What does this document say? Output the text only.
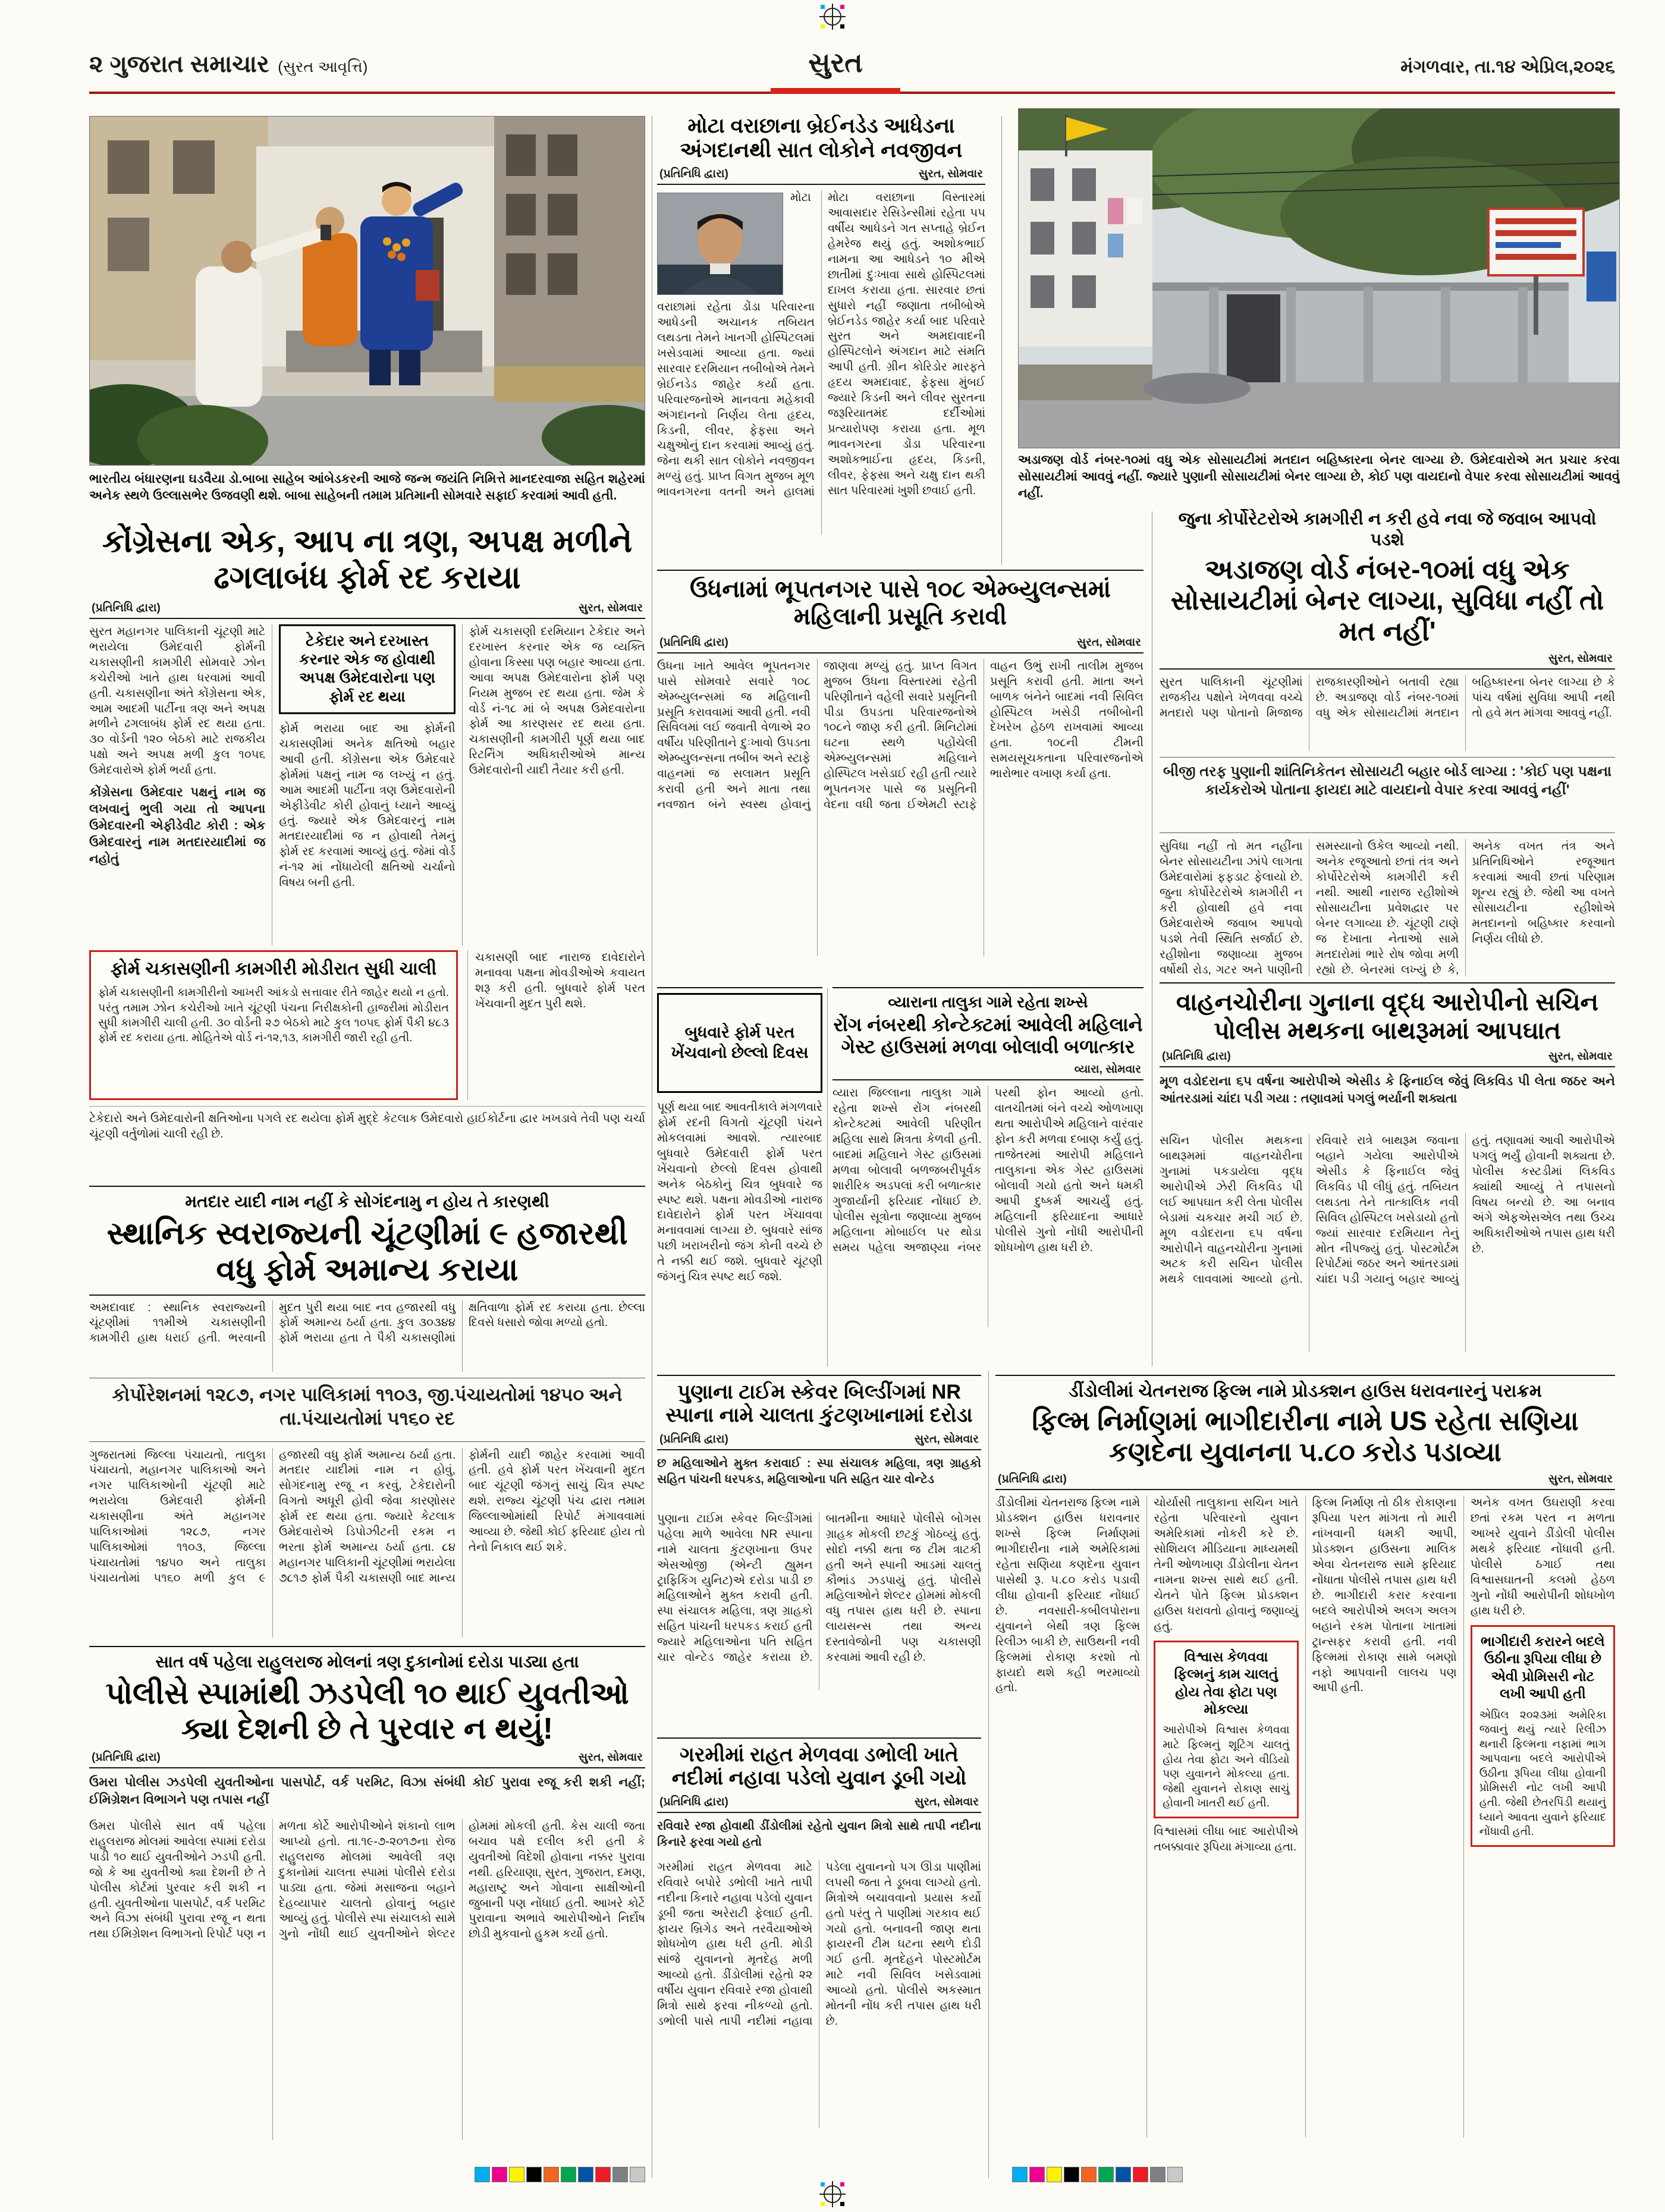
૨ ગુજરાત સમાચાર (સુરત આવૃત્તિ)	સુરત	મંગળવાર, તા.૧૪ એપ્રિલ,૨૦૨૬
ભારતીય બંધારણના ઘડવૈયા ડો.બાબા સાહેબ આંબેડકરની આજે જન્મ જયંતિ નિમિત્તે માનદરવાજા સહિત શહેરમાં અનેક સ્થળે ઉલ્લાસભેર ઉજવણી થશે. બાબા સાહેબની તમામ પ્રતિમાની સોમવારે સફાઈ કરવામાં આવી હતી.
અડાજણ વોર્ડ નંબર-૧૦માં વધુ એક સોસાયટીમાં મતદાન બહિષ્કારના બેનર લાગ્યા છે. ઉમેદવારોએ મત પ્રચાર કરવા સોસાયટીમાં આવવું નહીં. જ્યારે પુણાની સોસાયટીમાં બેનર લાગ્યા છે, કોઈ પણ વાયદાનો વેપાર કરવા સોસાયટીમાં આવવું નહીં.
મોટા વરાછાના બ્રેઈનડેડ આધેડના અંગદાનથી સાત લોકોને નવજીવન
(પ્રતિનિધિ દ્વારા)	સુરત, સોમવાર
મોટા વરાછામાં રહેતા ડોંડા પરિવારના આધેડની અચાનક તબિયત લથડતા તેમને ખાનગી હોસ્પિટલમાં ખસેડવામાં આવ્યા હતા. જ્યાં સારવાર દરમિયાન તબીબોએ તેમને બ્રેઈનડેડ જાહેર કર્યા હતા. પરિવારજનોએ માનવતા મહેકાવી અંગદાનનો નિર્ણય લેતા હૃદય, કિડની, લીવર, ફેફસા અને ચક્ષુઓનું દાન કરવામાં આવ્યું હતું. જેના થકી સાત લોકોને નવજીવન મળ્યું હતું. પ્રાપ્ત વિગત મુજબ મૂળ ભાવનગરના વતની અને હાલમાં મોટા વરાછાના વિસ્તારમાં આવાસદાર રેસિડેન્સીમાં રહેતા ૫૫ વર્ષીય આધેડને ગત સપ્તાહે બ્રેઈન હેમરેજ થયું હતું. અશોકભાઈ નામના આ આધેડને ૧૦ મીએ છાતીમાં દુઃખાવા સાથે હોસ્પિટલમાં દાખલ કરાયા હતા. સારવાર છતાં સુધારો નહીં જણાતા તબીબોએ બ્રેઈનડેડ જાહેર કર્યા બાદ પરિવારે સુરત અને અમદાવાદની હોસ્પિટલોને અંગદાન માટે સંમતિ આપી હતી. ગ્રીન કોરિડોર મારફતે હૃદય અમદાવાદ, ફેફસા મુંબઈ જ્યારે કિડની અને લીવર સુરતના જરૂરિયાતમંદ દર્દીઓમાં પ્રત્યારોપણ કરાયા હતા. મૂળ ભાવનગરના ડોંડા પરિવારના અશોકભાઈના હૃદય, કિડની, લીવર, ફેફસા અને ચક્ષુ દાન થકી સાત પરિવારમાં ખુશી છવાઈ હતી.
જુના કોર્પોરેટરોએ કામગીરી ન કરી હવે નવા જે જવાબ આપવો પડશે
અડાજણ વોર્ડ નંબર-૧૦માં વધુ એક સોસાયટીમાં બેનર લાગ્યા, સુવિધા નહીં તો મત નહીં'
સુરત, સોમવાર
સુરત પાલિકાની ચૂંટણીમાં રાજકીય પક્ષોને ખેળવવા વચ્ચે મતદારો પણ પોતાનો મિજાજ રાજકારણીઓને બતાવી રહ્યા છે. અડાજણ વોર્ડ નંબર-૧૦માં વધુ એક સોસાયટીમાં મતદાન બહિષ્કારના બેનર લાગ્યા છે કે પાંચ વર્ષમાં સુવિધા આપી નથી તો હવે મત માંગવા આવવું નહીં.
બીજી તરફ પુણાની શાંતિનિકેતન સોસાયટી બહાર બોર્ડ લાગ્યા : 'કોઈ પણ પક્ષના કાર્યકરોએ પોતાના ફાયદા માટે વાયદાનો વેપાર કરવા આવવું નહીં'
સુવિધા નહીં તો મત નહીંના બેનર સોસાયટીના ઝાંપે લાગતા ઉમેદવારોમાં ફફડાટ ફેલાયો છે. જુના કોર્પોરેટરોએ કામગીરી ન કરી હોવાથી હવે નવા ઉમેદવારોએ જવાબ આપવો પડશે તેવી સ્થિતિ સર્જાઈ છે. રહીશોના જણાવ્યા મુજબ વર્ષોથી રોડ, ગટર અને પાણીની સમસ્યાનો ઉકેલ આવ્યો નથી. અનેક રજૂઆતો છતાં તંત્ર અને કોર્પોરેટરોએ કામગીરી કરી નથી. આથી નારાજ રહીશોએ સોસાયટીના પ્રવેશદ્વાર પર બેનર લગાવ્યા છે. ચૂંટણી ટાણે જ દેખાતા નેતાઓ સામે મતદારોમાં ભારે રોષ જોવા મળી રહ્યો છે. બેનરમાં લખ્યું છે કે, અનેક વખત તંત્ર અને પ્રતિનિધિઓને રજૂઆત કરવામાં આવી છતાં પરિણામ શૂન્ય રહ્યું છે. જેથી આ વખતે સોસાયટીના રહીશોએ મતદાનનો બહિષ્કાર કરવાનો નિર્ણય લીધો છે.
કોંગ્રેસના એક, આપ ના ત્રણ, અપક્ષ મળીને ઢગલાબંધ ફોર્મ રદ કરાયા
(પ્રતિનિધિ દ્વારા)	સુરત, સોમવાર

સુરત મહાનગર પાલિકાની ચૂંટણી માટે ભરાયેલા ઉમેદવારી ફોર્મની ચકાસણીની કામગીરી સોમવારે ઝોન કચેરીઓ ખાતે હાથ ધરવામાં આવી હતી. ચકાસણીના અંતે કોંગ્રેસના એક, આમ આદમી પાર્ટીના ત્રણ અને અપક્ષ મળીને ઢગલાબંધ ફોર્મ રદ થયા હતા. ૩૦ વોર્ડની ૧૨૦ બેઠકો માટે રાજકીય પક્ષો અને અપક્ષ મળી કુલ ૧૦૫૬ ઉમેદવારોએ ફોર્મ ભર્યા હતા.

કોંગ્રેસના ઉમેદવાર પક્ષનું નામ જ લખવાનું ભુલી ગયા તો આપના ઉમેદવારની એફીડેવીટ કોરી : એક ઉમેદવારનું નામ મતદારયાદીમાં જ નહોતું

ટેકેદાર અને દરખાસ્ત કરનાર એક જ હોવાથી અપક્ષ ઉમેદવારોના પણ ફોર્મ રદ થયા

ફોર્મ ભરાયા બાદ આ ફોર્મની ચકાસણીમાં અનેક ક્ષતિઓ બહાર આવી હતી. કોંગ્રેસના એક ઉમેદવારે ફોર્મમાં પક્ષનું નામ જ લખ્યું ન હતું. આમ આદમી પાર્ટીના ત્રણ ઉમેદવારોની એફીડેવીટ કોરી હોવાનું ધ્યાને આવ્યું હતું. જ્યારે એક ઉમેદવારનું નામ મતદારયાદીમાં જ ન હોવાથી તેમનું ફોર્મ રદ કરવામાં આવ્યું હતું. જેમાં વોર્ડ નં-૧૨ માં નોંધાયેલી ક્ષતિઓ ચર્ચાનો વિષય બની હતી.

ફોર્મ ચકાસણી દરમિયાન ટેકેદાર અને દરખાસ્ત કરનાર એક જ વ્યક્તિ હોવાના કિસ્સા પણ બહાર આવ્યા હતા. આવા અપક્ષ ઉમેદવારોના ફોર્મ પણ નિયમ મુજબ રદ થયા હતા. જેમ કે વોર્ડ નં-૧૮ માં બે અપક્ષ ઉમેદવારોના ફોર્મ આ કારણસર રદ થયા હતા. ચકાસણીની કામગીરી પૂર્ણ થયા બાદ રિટર્નિંગ અધિકારીઓએ માન્ય ઉમેદવારોની યાદી તૈયાર કરી હતી.

ફોર્મ ચકાસણીની કામગીરી મોડીરાત સુધી ચાલી
ફોર્મ ચકાસણીની કામગીરીનો આખરી આંકડો સત્તાવાર રીતે જાહેર થયો ન હતો. પરંતુ તમામ ઝોન કચેરીઓ ખાતે ચૂંટણી પંચના નિરીક્ષકોની હાજરીમાં મોડીરાત સુધી કામગીરી ચાલી હતી. ૩૦ વોર્ડની ૨૭ બેઠકો માટે કુલ ૧૦૫૬ ફોર્મ પૈકી ૪૮૩ ફોર્મ રદ કરાયા હતા. મોહિતેએ વોર્ડ નં-૧૨,૧૩, કામગીરી જારી રહી હતી.
ચકાસણી બાદ નારાજ દાવેદારોને મનાવવા પક્ષના મોવડીઓએ કવાયત શરૂ કરી હતી. બુધવારે ફોર્મ પરત ખેંચવાની મુદત પુરી થશે.
ટેકેદારો અને ઉમેદવારોની ક્ષતિઓના પગલે રદ થયેલા ફોર્મ મુદ્દે કેટલાક ઉમેદવારો હાઈકોર્ટના દ્વાર ખખડાવે તેવી પણ ચર્ચા ચૂંટણી વર્તુળોમાં ચાલી રહી છે.
ઉધનામાં ભૂપતનગર પાસે ૧૦૮ એમ્બ્યુલન્સમાં મહિલાની પ્રસૂતિ કરાવી
(પ્રતિનિધિ દ્વારા)	સુરત, સોમવાર
ઉધના ખાતે આવેલ ભૂપતનગર પાસે સોમવારે સવારે ૧૦૮ એમ્બ્યુલન્સમાં જ મહિલાની પ્રસૂતિ કરાવવામાં આવી હતી. નવી સિવિલમાં લઈ જવાતી વેળાએ ૨૦ વર્ષીય પરિણીતાને દુઃખાવો ઉપડતા એમ્બ્યુલન્સના તબીબ અને સ્ટાફે વાહનમાં જ સલામત પ્રસૂતિ કરાવી હતી અને માતા તથા નવજાત બંને સ્વસ્થ હોવાનું જાણવા મળ્યું હતું. પ્રાપ્ત વિગત મુજબ ઉધના વિસ્તારમાં રહેતી પરિણીતાને વહેલી સવારે પ્રસૂતિની પીડા ઉપડતા પરિવારજનોએ ૧૦૮ને જાણ કરી હતી. મિનિટોમાં ઘટના સ્થળે પહોંચેલી એમ્બ્યુલન્સમાં મહિલાને હોસ્પિટલ ખસેડાઈ રહી હતી ત્યારે ભૂપતનગર પાસે જ પ્રસૂતિની વેદના વધી જતા ઈએમટી સ્ટાફે વાહન ઉભું રાખી તાલીમ મુજબ પ્રસૂતિ કરાવી હતી. માતા અને બાળક બંનેને બાદમાં નવી સિવિલ હોસ્પિટલ ખસેડી તબીબોની દેખરેખ હેઠળ રાખવામાં આવ્યા હતા. ૧૦૮ની ટીમની સમયસૂચકતાના પરિવારજનોએ ભારોભાર વખાણ કર્યા હતા.
બુધવારે ફોર્મ પરત ખેંચવાનો છેલ્લો દિવસ
પૂર્ણ થયા બાદ આવતીકાલે મંગળવારે ફોર્મ રદની વિગતો ચૂંટણી પંચને મોકલવામાં આવશે. ત્યારબાદ બુધવારે ઉમેદવારી ફોર્મ પરત ખેંચવાનો છેલ્લો દિવસ હોવાથી અનેક બેઠકોનું ચિત્ર બુધવારે જ સ્પષ્ટ થશે. પક્ષના મોવડીઓ નારાજ દાવેદારોને ફોર્મ પરત ખેંચાવવા મનાવવામાં લાગ્યા છે. બુધવારે સાંજ પછી ખરાખરીનો જંગ કોની વચ્ચે છે તે નક્કી થઈ જશે. બુધવારે ચૂંટણી જંગનું ચિત્ર સ્પષ્ટ થઈ જશે.
વ્યારાના તાલુકા ગામે રહેતા શખ્સે
રોંગ નંબરથી કોન્ટેક્ટમાં આવેલી મહિલાને ગેસ્ટ હાઉસમાં મળવા બોલાવી બળાત્કાર
વ્યારા, સોમવાર
વ્યારા જિલ્લાના તાલુકા ગામે રહેતા શખ્સે રોંગ નંબરથી કોન્ટેક્ટમાં આવેલી પરિણીત મહિલા સાથે મિત્રતા કેળવી હતી. બાદમાં મહિલાને ગેસ્ટ હાઉસમાં મળવા બોલાવી બળજબરીપૂર્વક શારીરિક અડપલાં કરી બળાત્કાર ગુજાર્યાની ફરિયાદ નોંધાઈ છે. પોલીસ સૂત્રોના જણાવ્યા મુજબ મહિલાના મોબાઈલ પર થોડા સમય પહેલા અજાણ્યા નંબર પરથી ફોન આવ્યો હતો. વાતચીતમાં બંને વચ્ચે ઓળખાણ થતા આરોપીએ મહિલાને વારંવાર ફોન કરી મળવા દબાણ કર્યું હતું. તાજેતરમાં આરોપી મહિલાને તાલુકાના એક ગેસ્ટ હાઉસમાં બોલાવી ગયો હતો અને ધમકી આપી દુષ્કર્મ આચર્યું હતું. મહિલાની ફરિયાદના આધારે પોલીસે ગુનો નોંધી આરોપીની શોધખોળ હાથ ધરી છે.
વાહનચોરીના ગુનાના વૃદ્ધ આરોપીનો સચિન પોલીસ મથકના બાથરૂમમાં આપઘાત
(પ્રતિનિધિ દ્વારા)	સુરત, સોમવાર
મૂળ વડોદરાના ૬૫ વર્ષના આરોપીએ એસીડ કે ફિનાઈલ જેવું લિકવિડ પી લેતા જઠર અને આંતરડામાં ચાંદા પડી ગયા : તણાવમાં પગલું ભર્યાની શક્યતા
સચિન પોલીસ મથકના બાથરૂમમાં વાહનચોરીના ગુનામાં પકડાયેલા વૃદ્ધ આરોપીએ ઝેરી લિકવિડ પી લઈ આપઘાત કરી લેતા પોલીસ બેડામાં ચકચાર મચી ગઈ છે. મૂળ વડોદરાના ૬૫ વર્ષના આરોપીને વાહનચોરીના ગુનામાં અટક કરી સચિન પોલીસ મથકે લાવવામાં આવ્યો હતો. રવિવારે રાત્રે બાથરૂમ જવાના બહાને ગયેલા આરોપીએ એસીડ કે ફિનાઈલ જેવું લિકવિડ પી લીધું હતું. તબિયત લથડતા તેને તાત્કાલિક નવી સિવિલ હોસ્પિટલ ખસેડાયો હતો જ્યાં સારવાર દરમિયાન તેનું મોત નીપજ્યું હતું. પોસ્ટમોર્ટમ રિપોર્ટમાં જઠર અને આંતરડામાં ચાંદા પડી ગયાનું બહાર આવ્યું હતું. તણાવમાં આવી આરોપીએ પગલું ભર્યું હોવાની શક્યતા છે. પોલીસ કસ્ટડીમાં લિકવિડ ક્યાંથી આવ્યું તે તપાસનો વિષય બન્યો છે. આ બનાવ અંગે એફએસએલ તથા ઉચ્ચ અધિકારીઓએ તપાસ હાથ ધરી છે.
મતદાર યાદી નામ નહીં કે સોગંદનામુ ન હોય તે કારણથી
સ્થાનિક સ્વરાજ્યની ચૂંટણીમાં ૯ હજારથી વધુ ફોર્મ અમાન્ય કરાયા
અમદાવાદ : સ્થાનિક સ્વરાજ્યની ચૂંટણીમાં ૧૧મીએ ચકાસણીની કામગીરી હાથ ધરાઈ હતી. ભરવાની મુદત પુરી થયા બાદ નવ હજારથી વધુ ફોર્મ અમાન્ય ઠર્યા હતા. કુલ ૩૦૩૪૪ ફોર્મ ભરાયા હતા તે પૈકી ચકાસણીમાં ક્ષતિવાળા ફોર્મ રદ કરાયા હતા. છેલ્લા દિવસે ધસારો જોવા મળ્યો હતો.
કોર્પોરેશનમાં ૧૨૮૭, નગર પાલિકામાં ૧૧૦૩, જી.પંચાયતોમાં ૧૪૫૦ અને તા.પંચાયતોમાં ૫૧૬૦ રદ
ગુજરાતમાં જિલ્લા પંચાયતો, તાલુકા પંચાયતો, મહાનગર પાલિકાઓ અને નગર પાલિકાઓની ચૂંટણી માટે ભરાયેલા ઉમેદવારી ફોર્મની ચકાસણીના અંતે મહાનગર પાલિકાઓમાં ૧૨૮૭, નગર પાલિકાઓમાં ૧૧૦૩, જિલ્લા પંચાયતોમાં ૧૪૫૦ અને તાલુકા પંચાયતોમાં ૫૧૬૦ મળી કુલ ૯ હજારથી વધુ ફોર્મ અમાન્ય ઠર્યા હતા. મતદાર યાદીમાં નામ ન હોવું, સોગંદનામુ રજૂ ન કરવું, ટેકેદારોની વિગતો અધૂરી હોવી જેવા કારણોસર ફોર્મ રદ થયા હતા. જ્યારે કેટલાક ઉમેદવારોએ ડિપોઝીટની રકમ ન ભરતા ફોર્મ અમાન્ય ઠર્યા હતા. ૮૪ મહાનગર પાલિકાની ચૂંટણીમાં ભરાયેલા ૭૮૧૭ ફોર્મ પૈકી ચકાસણી બાદ માન્ય ફોર્મની યાદી જાહેર કરવામાં આવી હતી. હવે ફોર્મ પરત ખેંચવાની મુદત બાદ ચૂંટણી જંગનું સાચું ચિત્ર સ્પષ્ટ થશે. રાજ્ય ચૂંટણી પંચ દ્વારા તમામ જિલ્લાઓમાંથી રિપોર્ટ મંગાવવામાં આવ્યા છે. જેથી કોઈ ફરિયાદ હોય તો તેનો નિકાલ થઈ શકે.
સાત વર્ષ પહેલા રાહુલરાજ મોલનાં ત્રણ દુકાનોમાં દરોડા પાડ્યા હતા
પોલીસે સ્પામાંથી ઝડપેલી ૧૦ થાઈ યુવતીઓ ક્યા દેશની છે તે પુરવાર ન થયું!
(પ્રતિનિધિ દ્વારા)	સુરત, સોમવાર
ઉમરા પોલીસ ઝડપેલી યુવતીઓના પાસપોર્ટ, વર્ક પરમિટ, વિઝા સંબંધી કોઈ પુરાવા રજૂ કરી શકી નહીં; ઈમિગ્રેશન વિભાગને પણ તપાસ નહીં
ઉમરા પોલીસે સાત વર્ષ પહેલા રાહુલરાજ મોલમાં આવેલા સ્પામાં દરોડા પાડી ૧૦ થાઈ યુવતીઓને ઝડપી હતી. જો કે આ યુવતીઓ ક્યા દેશની છે તે પોલીસ કોર્ટમાં પુરવાર કરી શકી ન હતી. યુવતીઓના પાસપોર્ટ, વર્ક પરમિટ અને વિઝા સંબંધી પુરાવા રજૂ ન થતા તથા ઈમિગ્રેશન વિભાગનો રિપોર્ટ પણ ન મળતા કોર્ટે આરોપીઓને શંકાનો લાભ આપ્યો હતો. તા.૧૯-૭-૨૦૧૭ના રોજ રાહુલરાજ મોલમાં આવેલી ત્રણ દુકાનોમાં ચાલતા સ્પામાં પોલીસે દરોડા પાડ્યા હતા. જેમાં મસાજના બહાને દેહવ્યાપાર ચાલતો હોવાનું બહાર આવ્યું હતું. પોલીસે સ્પા સંચાલકો સામે ગુનો નોંધી થાઈ યુવતીઓને શેલ્ટર હોમમાં મોકલી હતી. કેસ ચાલી જતા બચાવ પક્ષે દલીલ કરી હતી કે યુવતીઓ વિદેશી હોવાના નક્કર પુરાવા નથી. હરિયાણા, સુરત, ગુજરાત, દમણ, મહારાષ્ટ્ર અને ગોવાના સાક્ષીઓની જુબાની પણ નોંધાઈ હતી. આખરે કોર્ટે પુરાવાના અભાવે આરોપીઓને નિર્દોષ છોડી મુકવાનો હુકમ કર્યો હતો.
પુણાના ટાઈમ સ્કેવર બિલ્ડીંગમાં NR સ્પાના નામે ચાલતા કુંટણખાનામાં દરોડા
(પ્રતિનિધિ દ્વારા)	સુરત, સોમવાર
છ મહિલાઓને મુક્ત કરાવાઈ : સ્પા સંચાલક મહિલા, ત્રણ ગ્રાહકો સહિત પાંચની ધરપકડ, મહિલાઓના પતિ સહિત ચાર વોન્ટેડ
પુણાના ટાઈમ સ્કેવર બિલ્ડીંગમાં પહેલા માળે આવેલા NR સ્પાના નામે ચાલતા કુંટણખાના ઉપર એસઓજી (એન્ટી હ્યુમન ટ્રાફિકિંગ યુનિટ)એ દરોડા પાડી છ મહિલાઓને મુક્ત કરાવી હતી. સ્પા સંચાલક મહિલા, ત્રણ ગ્રાહકો સહિત પાંચની ધરપકડ કરાઈ હતી જ્યારે મહિલાઓના પતિ સહિત ચાર વોન્ટેડ જાહેર કરાયા છે. બાતમીના આધારે પોલીસે બોગસ ગ્રાહક મોકલી છટકું ગોઠવ્યું હતું. સોદો નક્કી થતા જ ટીમ ત્રાટકી હતી અને સ્પાની આડમાં ચાલતું કૌભાંડ ઝડપાયું હતું. પોલીસે મહિલાઓને શેલ્ટર હોમમાં મોકલી વધુ તપાસ હાથ ધરી છે. સ્પાના લાયસન્સ તથા અન્ય દસ્તાવેજોની પણ ચકાસણી કરવામાં આવી રહી છે.
ગરમીમાં રાહત મેળવવા ડભોલી ખાતે નદીમાં નહાવા પડેલો યુવાન ડૂબી ગયો
(પ્રતિનિધિ દ્વારા)	સુરત, સોમવાર
રવિવારે રજા હોવાથી ડીંડોલીમાં રહેતો યુવાન મિત્રો સાથે તાપી નદીના કિનારે ફરવા ગયો હતો
ગરમીમાં રાહત મેળવવા માટે રવિવારે બપોરે ડભોલી ખાતે તાપી નદીના કિનારે નહાવા પડેલો યુવાન ડૂબી જતા અરેરાટી ફેલાઈ હતી. ફાયર બ્રિગેડ અને તરવૈયાઓએ શોધખોળ હાથ ધરી હતી. મોડી સાંજે યુવાનનો મૃતદેહ મળી આવ્યો હતો. ડીંડોલીમાં રહેતો ૨૨ વર્ષીય યુવાન રવિવારે રજા હોવાથી મિત્રો સાથે ફરવા નીકળ્યો હતો. ડભોલી પાસે તાપી નદીમાં નહાવા પડેલા યુવાનનો પગ ઊંડા પાણીમાં લપસી જતા તે ડૂબવા લાગ્યો હતો. મિત્રોએ બચાવવાનો પ્રયાસ કર્યો હતો પરંતુ તે પાણીમાં ગરકાવ થઈ ગયો હતો. બનાવની જાણ થતા ફાયરની ટીમ ઘટના સ્થળે દોડી ગઈ હતી. મૃતદેહને પોસ્ટમોર્ટમ માટે નવી સિવિલ ખસેડવામાં આવ્યો હતો. પોલીસે અકસ્માત મોતની નોંધ કરી તપાસ હાથ ધરી છે.
ડીંડોલીમાં ચેતનરાજ ફિલ્મ નામે પ્રોડક્શન હાઉસ ધરાવનારનું પરાક્રમ
ફિલ્મ નિર્માણમાં ભાગીદારીના નામે US રહેતા સણિયા કણદેના યુવાનના ૫.૮૦ કરોડ પડાવ્યા
(પ્રતિનિધિ દ્વારા)	સુરત, સોમવાર

ડીંડોલીમાં ચેતનરાજ ફિલ્મ નામે પ્રોડક્શન હાઉસ ધરાવનાર શખ્સે ફિલ્મ નિર્માણમાં ભાગીદારીના નામે અમેરિકામાં રહેતા સણિયા કણદેના યુવાન પાસેથી રૂ. ૫.૮૦ કરોડ પડાવી લીધા હોવાની ફરિયાદ નોંધાઈ છે. નવસારી-કબીલપોરાના યુવાનને બેથી ત્રણ ફિલ્મ રિલીઝ બાકી છે, સાઉથની નવી ફિલ્મમાં રોકાણ કરશો તો ફાયદો થશે કહી ભરમાવ્યો હતો.

ચોર્યાસી તાલુકાના સચિન ખાતે રહેતા પરિવારનો યુવાન અમેરિકામાં નોકરી કરે છે. સોશિયલ મીડિયાના માધ્યમથી તેની ઓળખાણ ડીંડોલીના ચેતન નામના શખ્સ સાથે થઈ હતી. ચેતને પોતે ફિલ્મ પ્રોડક્શન હાઉસ ધરાવતો હોવાનું જણાવ્યું હતું.

વિશ્વાસ કેળવવા ફિલ્મનું કામ ચાલતું હોય તેવા ફોટા પણ મોકલ્યા
આરોપીએ વિશ્વાસ કેળવવા માટે ફિલ્મનું શૂટિંગ ચાલતું હોય તેવા ફોટા અને વીડિયો પણ યુવાનને મોકલ્યા હતા. જેથી યુવાનને રોકાણ સાચું હોવાની ખાતરી થઈ હતી.

વિશ્વાસમાં લીધા બાદ આરોપીએ તબક્કાવાર રૂપિયા મંગાવ્યા હતા.

ફિલ્મ નિર્માણ તો ઠીક રોકાણના રૂપિયા પરત માંગતા તો મારી નાંખવાની ધમકી આપી, પ્રોડક્શન હાઉસના માલિક એવા ચેતનરાજ સામે ફરિયાદ નોંધાતા પોલીસે તપાસ હાથ ધરી છે. ભાગીદારી કરાર કરવાના બદલે આરોપીએ અલગ અલગ બહાને રકમ પોતાના ખાતામાં ટ્રાન્સફર કરાવી હતી. નવી ફિલ્મમાં રોકાણ સામે બમણો નફો આપવાની લાલચ પણ આપી હતી.

અનેક વખત ઉઘરાણી કરવા છતાં રકમ પરત ન મળતા આખરે યુવાને ડીંડોલી પોલીસ મથકે ફરિયાદ નોંધાવી હતી. પોલીસે ઠગાઈ તથા વિશ્વાસઘાતની કલમો હેઠળ ગુનો નોંધી આરોપીની શોધખોળ હાથ ધરી છે.

ભાગીદારી કરારને બદલે ઉઠીના રૂપિયા લીધા છે એવી પ્રોમિસરી નોટ લખી આપી હતી
એપ્રિલ ૨૦૨૩માં અમેરિકા જવાનું થયું ત્યારે રિલીઝ થનારી ફિલ્મના નફામાં ભાગ આપવાના બદલે આરોપીએ ઉઠીના રૂપિયા લીધા હોવાની પ્રોમિસરી નોટ લખી આપી હતી. જેથી છેતરપિંડી થયાનું ધ્યાને આવતા યુવાને ફરિયાદ નોંધાવી હતી.
